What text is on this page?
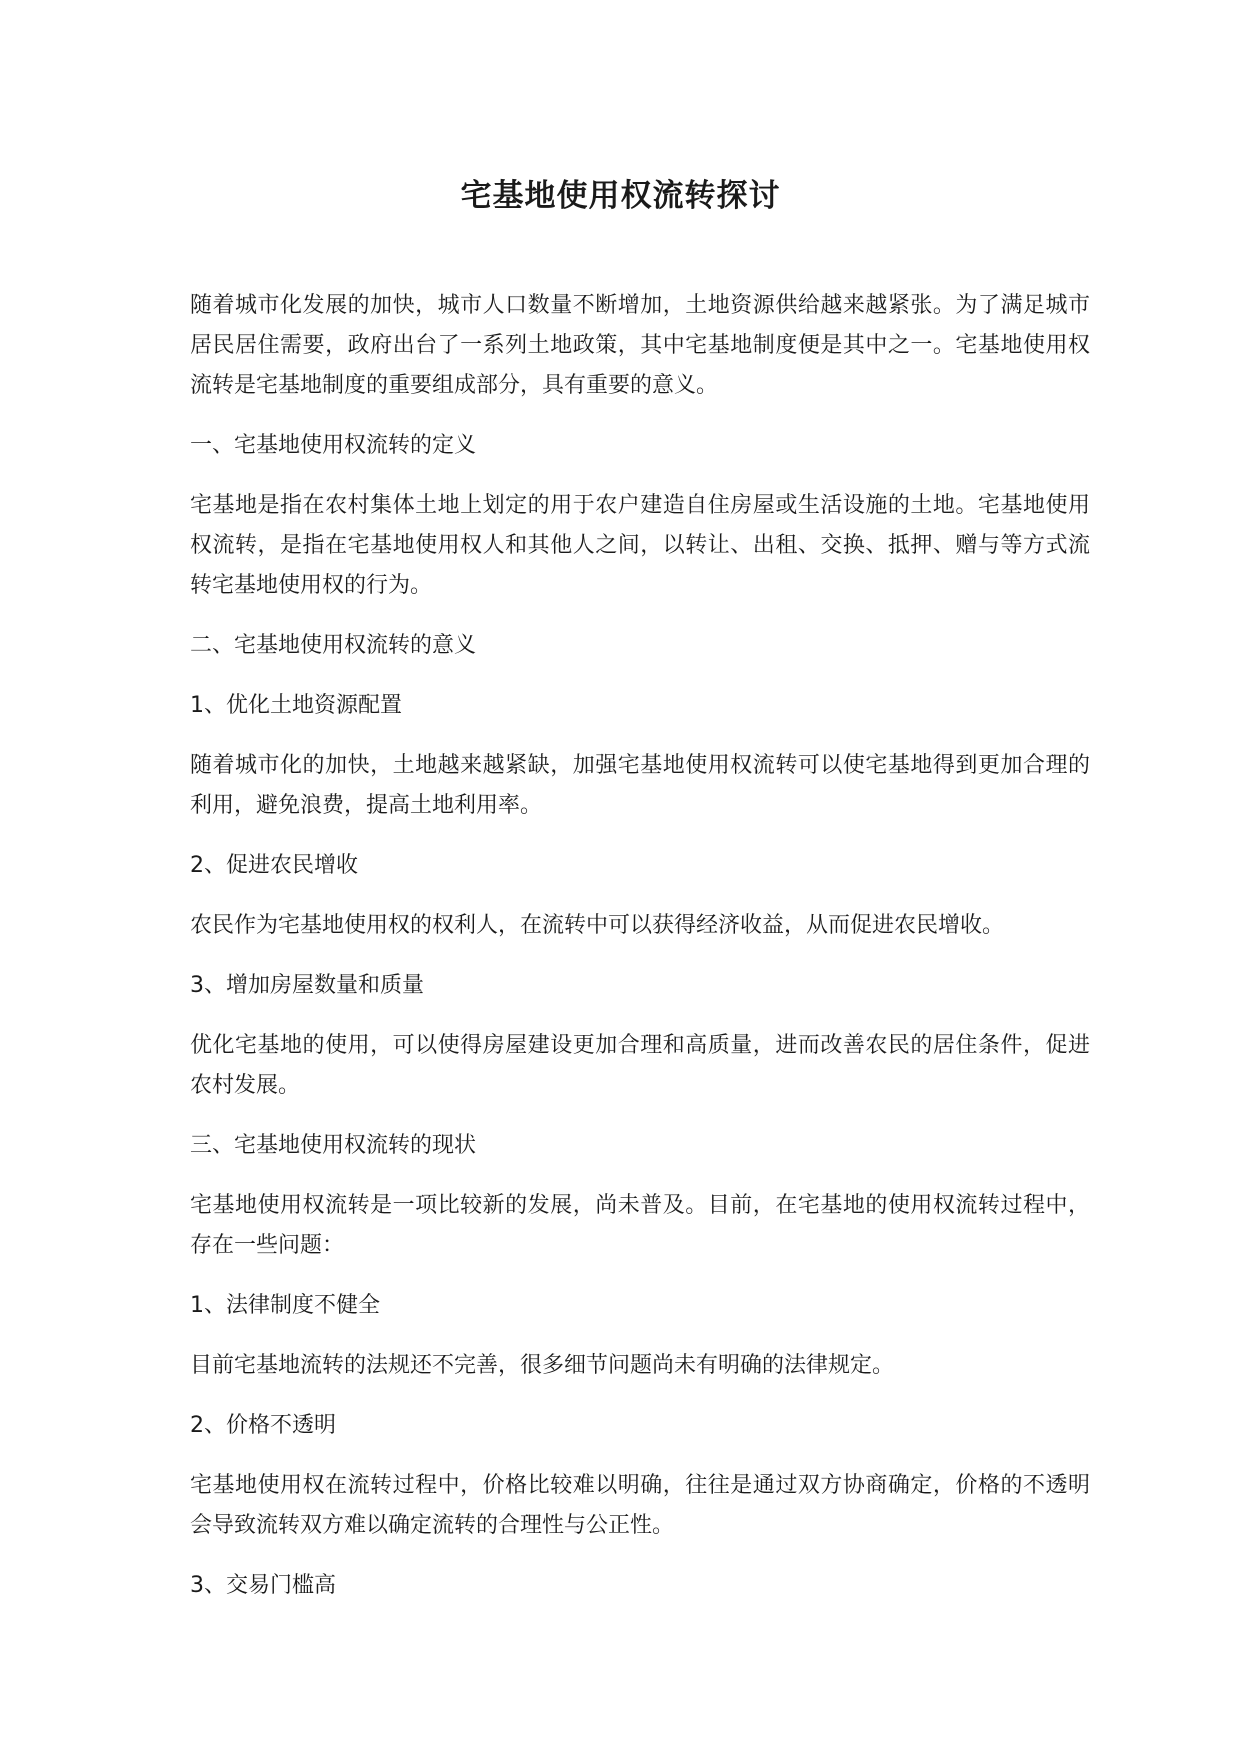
宅基地使用权流转探讨

随着城市化发展的加快，城市人口数量不断增加，土地资源供给越来越紧张。为了满足城市居民居住需要，政府出台了一系列土地政策，其中宅基地制度便是其中之一。宅基地使用权流转是宅基地制度的重要组成部分，具有重要的意义。

一、宅基地使用权流转的定义

宅基地是指在农村集体土地上划定的用于农户建造自住房屋或生活设施的土地。宅基地使用权流转，是指在宅基地使用权人和其他人之间，以转让、出租、交换、抵押、赠与等方式流转宅基地使用权的行为。

二、宅基地使用权流转的意义

1、优化土地资源配置

随着城市化的加快，土地越来越紧缺，加强宅基地使用权流转可以使宅基地得到更加合理的利用，避免浪费，提高土地利用率。

2、促进农民增收

农民作为宅基地使用权的权利人，在流转中可以获得经济收益，从而促进农民增收。

3、增加房屋数量和质量

优化宅基地的使用，可以使得房屋建设更加合理和高质量，进而改善农民的居住条件，促进农村发展。

三、宅基地使用权流转的现状

宅基地使用权流转是一项比较新的发展，尚未普及。目前，在宅基地的使用权流转过程中，存在一些问题：

1、法律制度不健全

目前宅基地流转的法规还不完善，很多细节问题尚未有明确的法律规定。

2、价格不透明

宅基地使用权在流转过程中，价格比较难以明确，往往是通过双方协商确定，价格的不透明会导致流转双方难以确定流转的合理性与公正性。

3、交易门槛高
